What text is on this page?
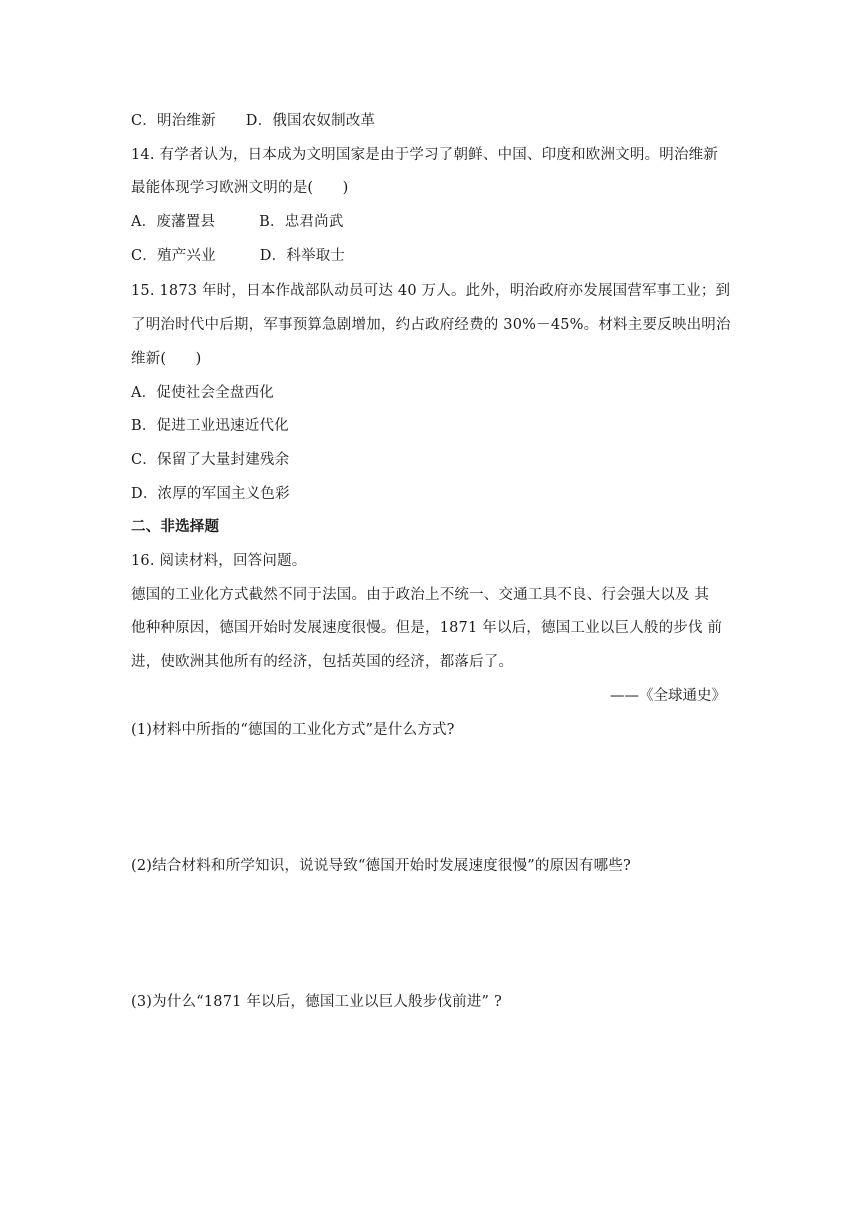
C．明治维新 D．俄国农奴制改革
14. 有学者认为，日本成为文明国家是由于学习了朝鲜、中国、印度和欧洲文明。明治维新
最能体现学习欧洲文明的是(　　)
A．废藩置县	B．忠君尚武
C．殖产兴业	D．科举取士
15. 1873 年时，日本作战部队动员可达 40 万人。此外，明治政府亦发展国营军事工业；到
了明治时代中后期，军事预算急剧增加，约占政府经费的 30%－45%。材料主要反映出明治
维新(　　)
A．促使社会全盘西化
B．促进工业迅速近代化
C．保留了大量封建残余
D．浓厚的军国主义色彩
二、非选择题
16. 阅读材料，回答问题。
德国的工业化方式截然不同于法国。由于政治上不统一、交通工具不良、行会强大以及 其
他种种原因，德国开始时发展速度很慢。但是，1871 年以后，德国工业以巨人般的步伐 前
进，使欧洲其他所有的经济，包括英国的经济，都落后了。
——《全球通史》
(1)材料中所指的“德国的工业化方式”是什么方式?
(2)结合材料和所学知识，说说导致“德国开始时发展速度很慢”的原因有哪些?
(3)为什么“1871 年以后，德国工业以巨人般步伐前进” ?
